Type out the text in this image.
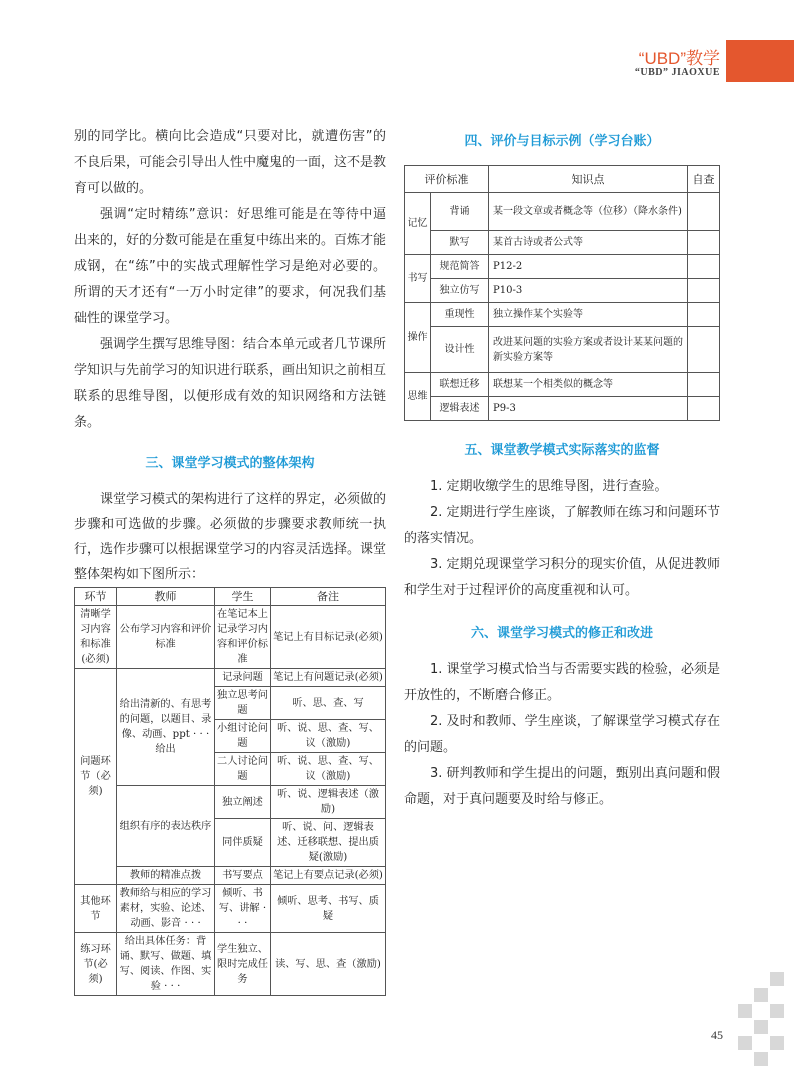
“UBD”教学
“UBD” JIAOXUE

别的同学比。横向比会造成“只要对比，就遭伤害”的不良后果，可能会引导出人性中魔鬼的一面，这不是教育可以做的。

强调“定时精练”意识：好思维可能是在等待中逼出来的，好的分数可能是在重复中练出来的。百炼才能成钢，在“练”中的实战式理解性学习是绝对必要的。所谓的天才还有“一万小时定律”的要求，何况我们基础性的课堂学习。

强调学生撰写思维导图：结合本单元或者几节课所学知识与先前学习的知识进行联系，画出知识之前相互联系的思维导图，以便形成有效的知识网络和方法链条。

三、课堂学习模式的整体架构

课堂学习模式的架构进行了这样的界定，必须做的步骤和可选做的步骤。必须做的步骤要求教师统一执行，选作步骤可以根据课堂学习的内容灵活选择。课堂整体架构如下图所示：

环节	教师	学生	备注
清晰学习内容和标准(必须)	公布学习内容和评价标准	在笔记本上记录学习内容和评价标准	笔记上有目标记录(必须)
问题环节（必须)	给出清新的、有思考的问题，以题目、录像、动画、ppt · · · 给出	记录问题	笔记上有问题记录(必须)
		独立思考问题	听、思、查、写
		小组讨论问题	听、说、思、查、写、议（激励)
		二人讨论问题	听、说、思、查、写、议（激励)
	组织有序的表达秩序	独立阐述	听、说、逻辑表述（激励)
		同伴质疑	听、说、问、逻辑表述、迁移联想、提出质疑(激励)
	教师的精准点拨	书写要点	笔记上有要点记录(必须)
其他环节	教师给与相应的学习素材，实验、论述、动画、影音 · · ·	倾听、书写、讲解 · · ·	倾听、思考、书写、质疑
练习环节(必须)	给出具体任务：背诵、默写、做题、填写、阅读、作图、实验 · · ·	学生独立、限时完成任务	读、写、思、查（激励)

四、评价与目标示例（学习台账）

评价标准		知识点	自查
记忆	背诵	某一段文章或者概念等（位移）（降水条件)	
	默写	某首古诗或者公式等	
书写	规范简答	P12-2	
	独立仿写	P10-3	
操作	重现性	独立操作某个实验等	
	设计性	改进某问题的实验方案或者设计某某问题的新实验方案等	
思维	联想迁移	联想某一个相类似的概念等	
	逻辑表述	P9-3	

五、课堂教学模式实际落实的监督

1. 定期收缴学生的思维导图，进行查验。

2. 定期进行学生座谈，了解教师在练习和问题环节的落实情况。

3. 定期兑现课堂学习积分的现实价值，从促进教师和学生对于过程评价的高度重视和认可。

六、课堂学习模式的修正和改进

1. 课堂学习模式恰当与否需要实践的检验，必须是开放性的，不断磨合修正。

2. 及时和教师、学生座谈，了解课堂学习模式存在的问题。

3. 研判教师和学生提出的问题，甄别出真问题和假命题，对于真问题要及时给与修正。

45
